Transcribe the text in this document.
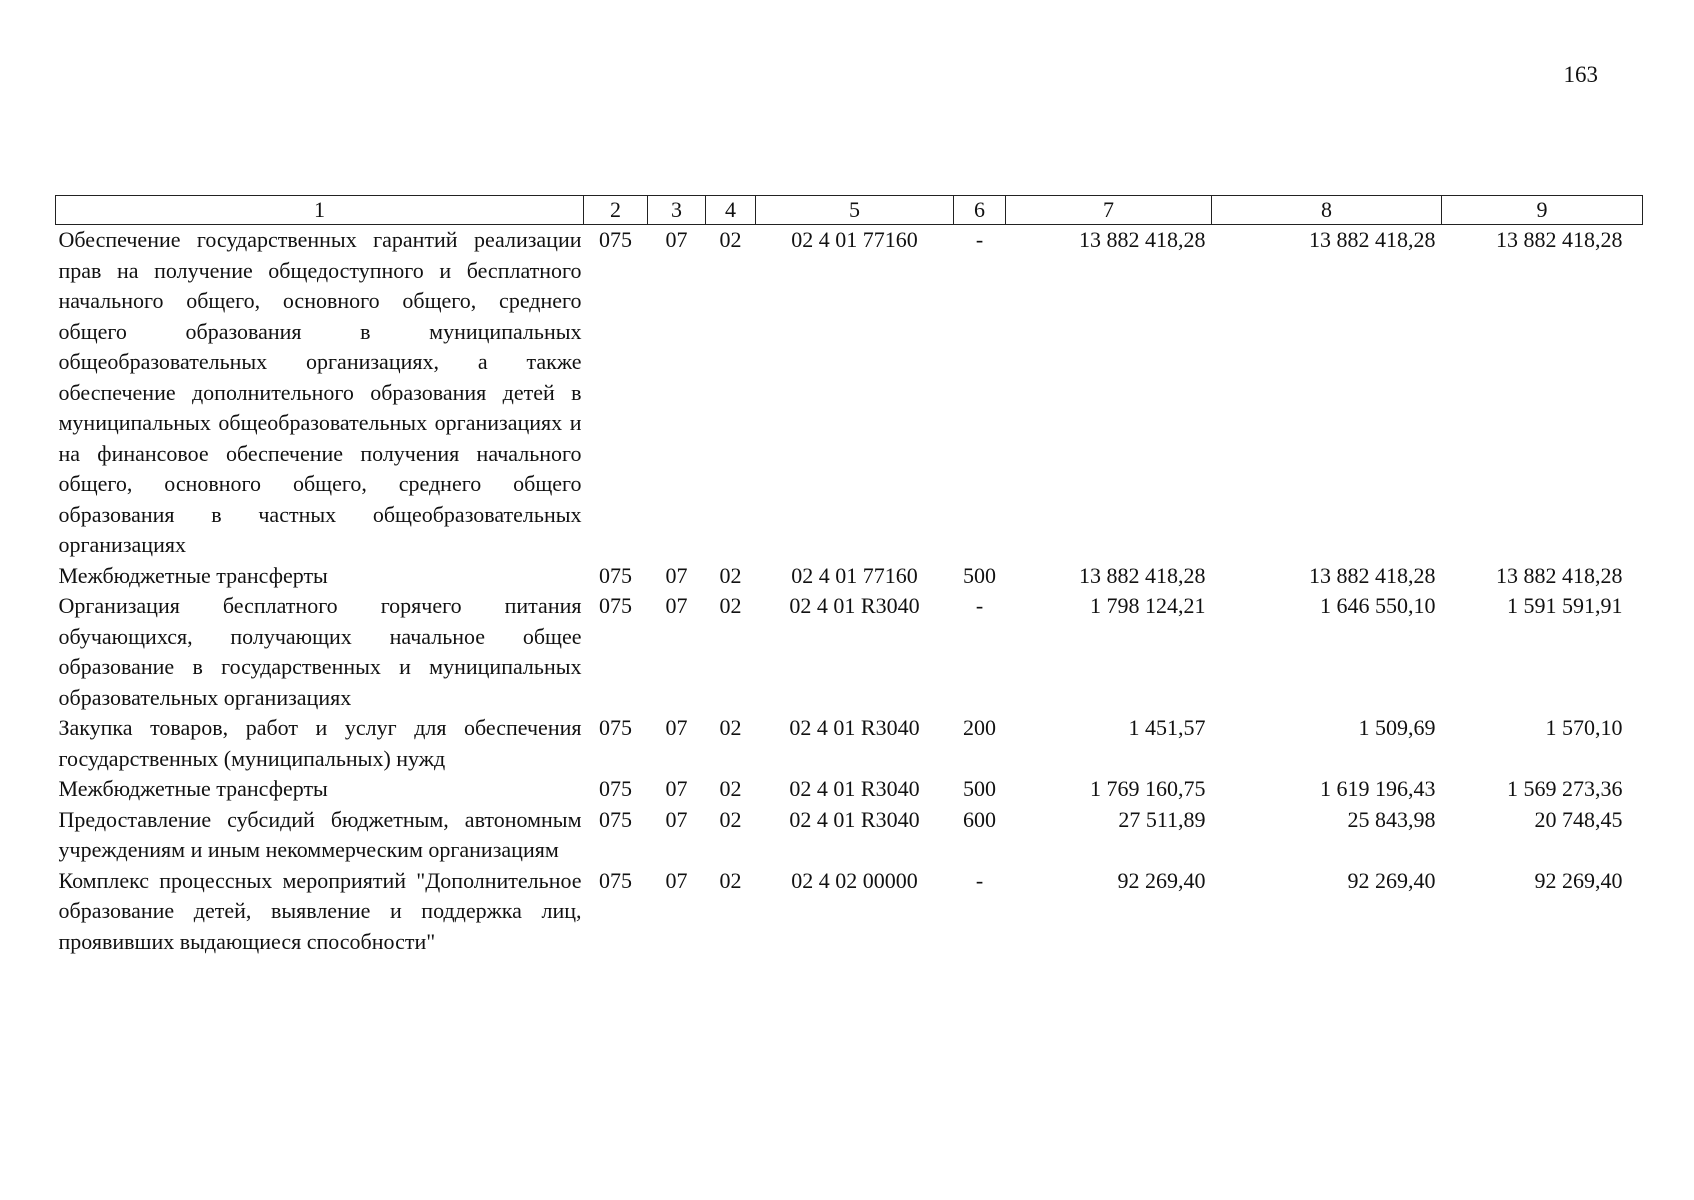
163
1	2	3	4	5	6	7	8	9
Обеспечение государственных гарантий реализации прав на получение общедоступного и бесплатного начального общего, основного общего, среднего общего образования в муниципальных общеобразовательных организациях, а также обеспечение дополнительного образования детей в муниципальных общеобразовательных организациях и на финансовое обеспечение получения начального общего, основного общего, среднего общего образования в частных общеобразовательных организациях	075	07	02	02 4 01 77160	-	13 882 418,28	13 882 418,28	13 882 418,28
Межбюджетные трансферты	075	07	02	02 4 01 77160	500	13 882 418,28	13 882 418,28	13 882 418,28
Организация бесплатного горячего питания обучающихся, получающих начальное общее образование в государственных и муниципальных образовательных организациях	075	07	02	02 4 01 R3040	-	1 798 124,21	1 646 550,10	1 591 591,91
Закупка товаров, работ и услуг для обеспечения государственных (муниципальных) нужд	075	07	02	02 4 01 R3040	200	1 451,57	1 509,69	1 570,10
Межбюджетные трансферты	075	07	02	02 4 01 R3040	500	1 769 160,75	1 619 196,43	1 569 273,36
Предоставление субсидий бюджетным, автономным учреждениям и иным некоммерческим организациям	075	07	02	02 4 01 R3040	600	27 511,89	25 843,98	20 748,45
Комплекс процессных мероприятий "Дополнительное образование детей, выявление и поддержка лиц, проявивших выдающиеся способности"	075	07	02	02 4 02 00000	-	92 269,40	92 269,40	92 269,40
